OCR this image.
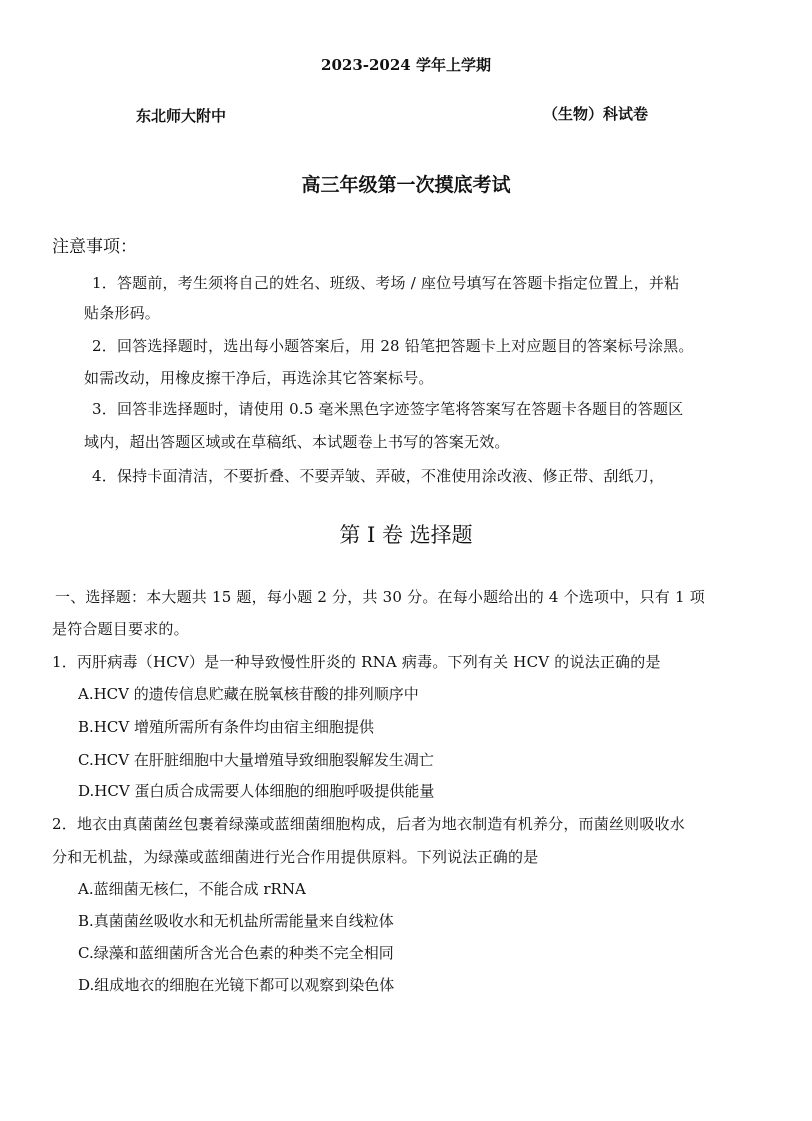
2023-2024 学年上学期
东北师大附中	（生物）科试卷
高三年级第一次摸底考试
注意事项：
1．答题前，考生须将自己的姓名、班级、考场 / 座位号填写在答题卡指定位置上，并粘
贴条形码。
2．回答选择题时，选出每小题答案后，用 28 铅笔把答题卡上对应题目的答案标号涂黑。
如需改动，用橡皮擦干净后，再选涂其它答案标号。
3．回答非选择题时，请使用 0.5 毫米黑色字迹签字笔将答案写在答题卡各题目的答题区
域内，超出答题区域或在草稿纸、本试题卷上书写的答案无效。
4．保持卡面清洁，不要折叠、不要弄皱、弄破，不准使用涂改液、修正带、刮纸刀，
第 I 卷 选择题
一、选择题：本大题共 15 题，每小题 2 分，共 30 分。在每小题给出的 4 个选项中，只有 1 项
是符合题目要求的。
1．丙肝病毒（HCV）是一种导致慢性肝炎的 RNA 病毒。下列有关 HCV 的说法正确的是
A.HCV 的遗传信息贮藏在脱氧核苷酸的排列顺序中
B.HCV 增殖所需所有条件均由宿主细胞提供
C.HCV 在肝脏细胞中大量增殖导致细胞裂解发生凋亡
D.HCV 蛋白质合成需要人体细胞的细胞呼吸提供能量
2．地衣由真菌菌丝包裹着绿藻或蓝细菌细胞构成，后者为地衣制造有机养分，而菌丝则吸收水
分和无机盐，为绿藻或蓝细菌进行光合作用提供原料。下列说法正确的是
A.蓝细菌无核仁，不能合成 rRNA
B.真菌菌丝吸收水和无机盐所需能量来自线粒体
C.绿藻和蓝细菌所含光合色素的种类不完全相同
D.组成地衣的细胞在光镜下都可以观察到染色体
